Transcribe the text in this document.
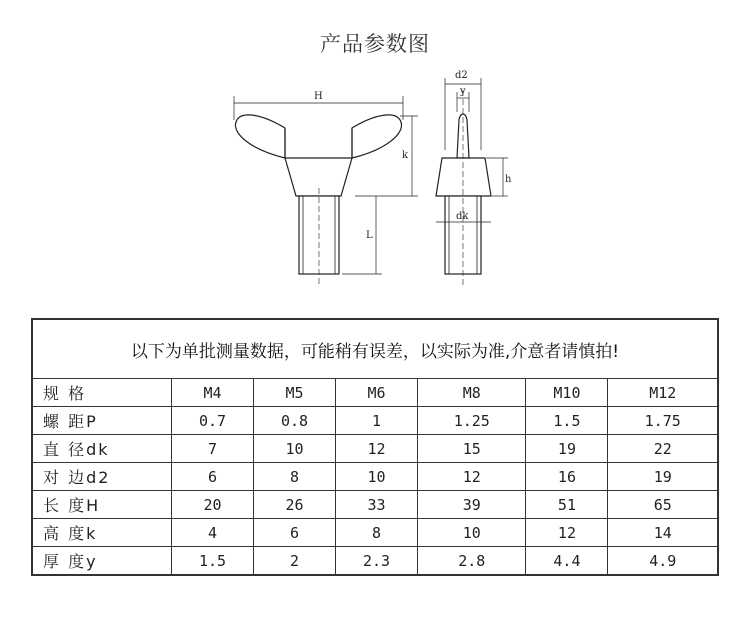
产品参数图
H
k
L
d2
y
h
dk
以下为单批测量数据，可能稍有误差，以实际为准,介意者请慎拍!						
规 格	M4	M5	M6	M8	M10	M12
螺 距P	0.7	0.8	1	1.25	1.5	1.75
直 径dk	7	10	12	15	19	22
对 边d2	6	8	10	12	16	19
长 度H	20	26	33	39	51	65
高 度k	4	6	8	10	12	14
厚 度y	1.5	2	2.3	2.8	4.4	4.9
